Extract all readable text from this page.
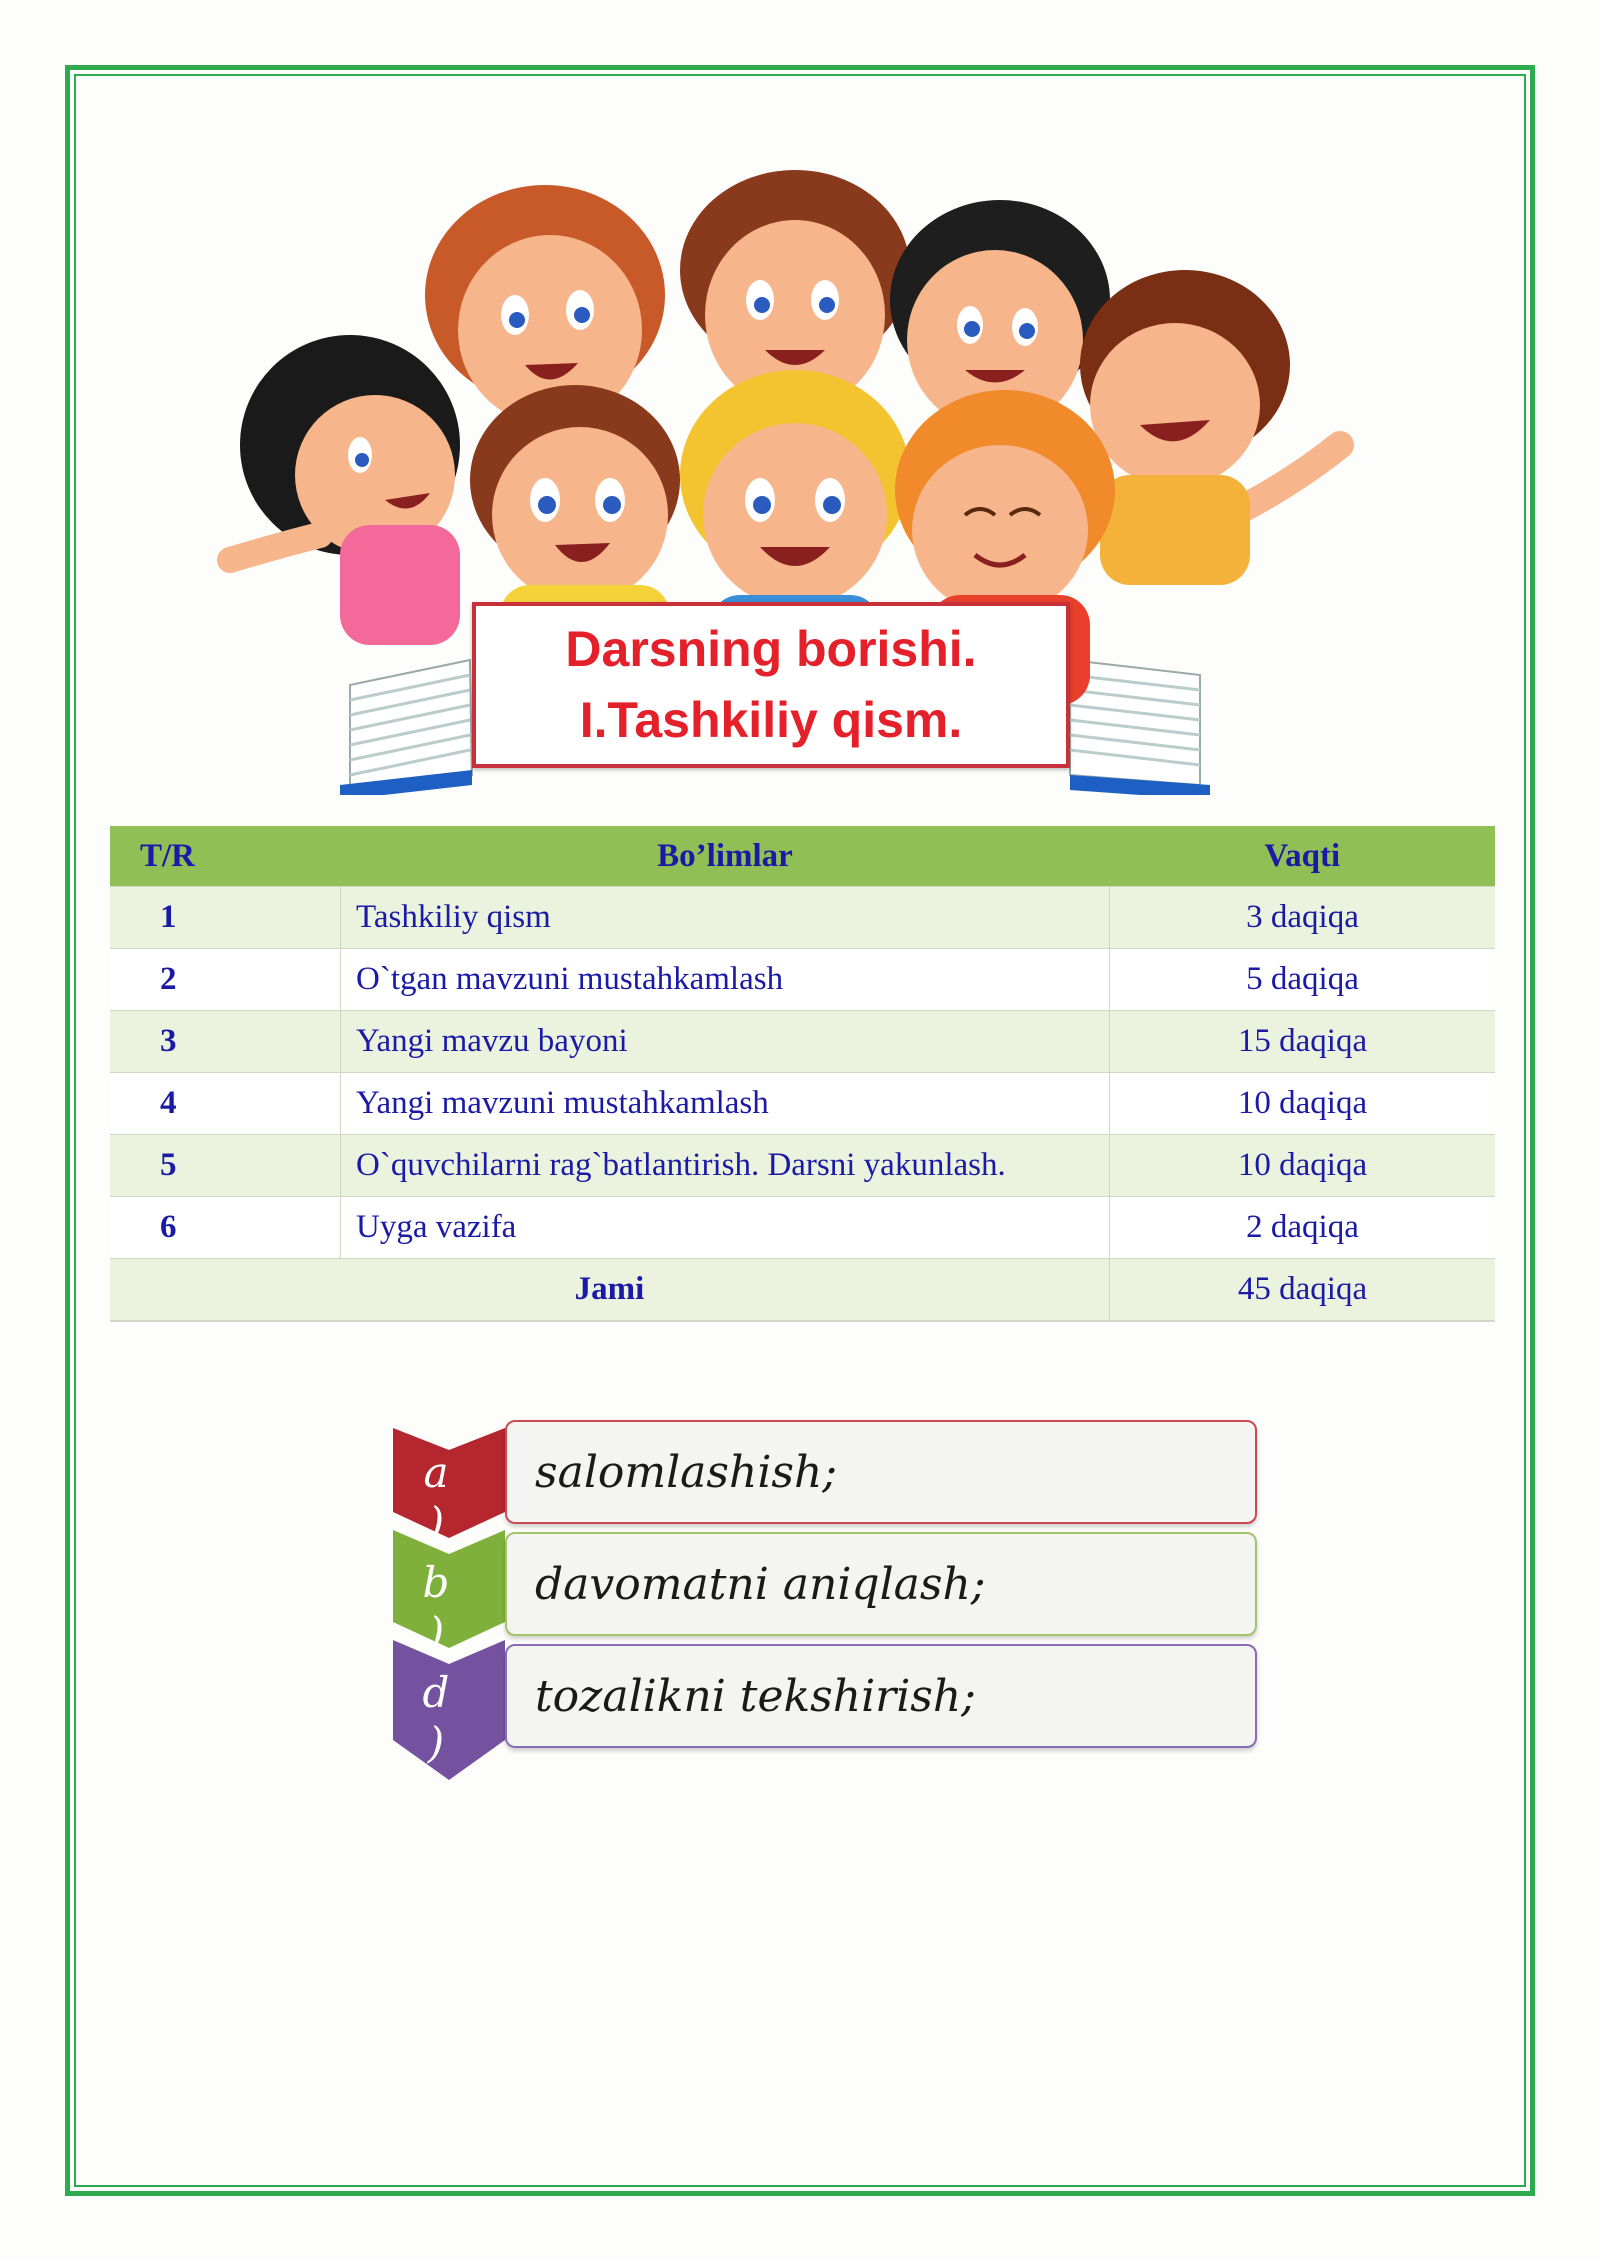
Darsning borishi.
I.Tashkiliy qism.
T/R	Bo’limlar	Vaqti
1	Tashkiliy qism	3 daqiqa
2	O`tgan mavzuni mustahkamlash	5 daqiqa
3	Yangi mavzu bayoni	15 daqiqa
4	Yangi mavzuni mustahkamlash	10 daqiqa
5	O`quvchilarni rag`batlantirish. Darsni yakunlash.	10 daqiqa
6	Uyga vazifa	2 daqiqa
Jami		45 daqiqa
a
)
salomlashish;
b
)
davomatni aniqlash;
d
)
tozalikni tekshirish;
